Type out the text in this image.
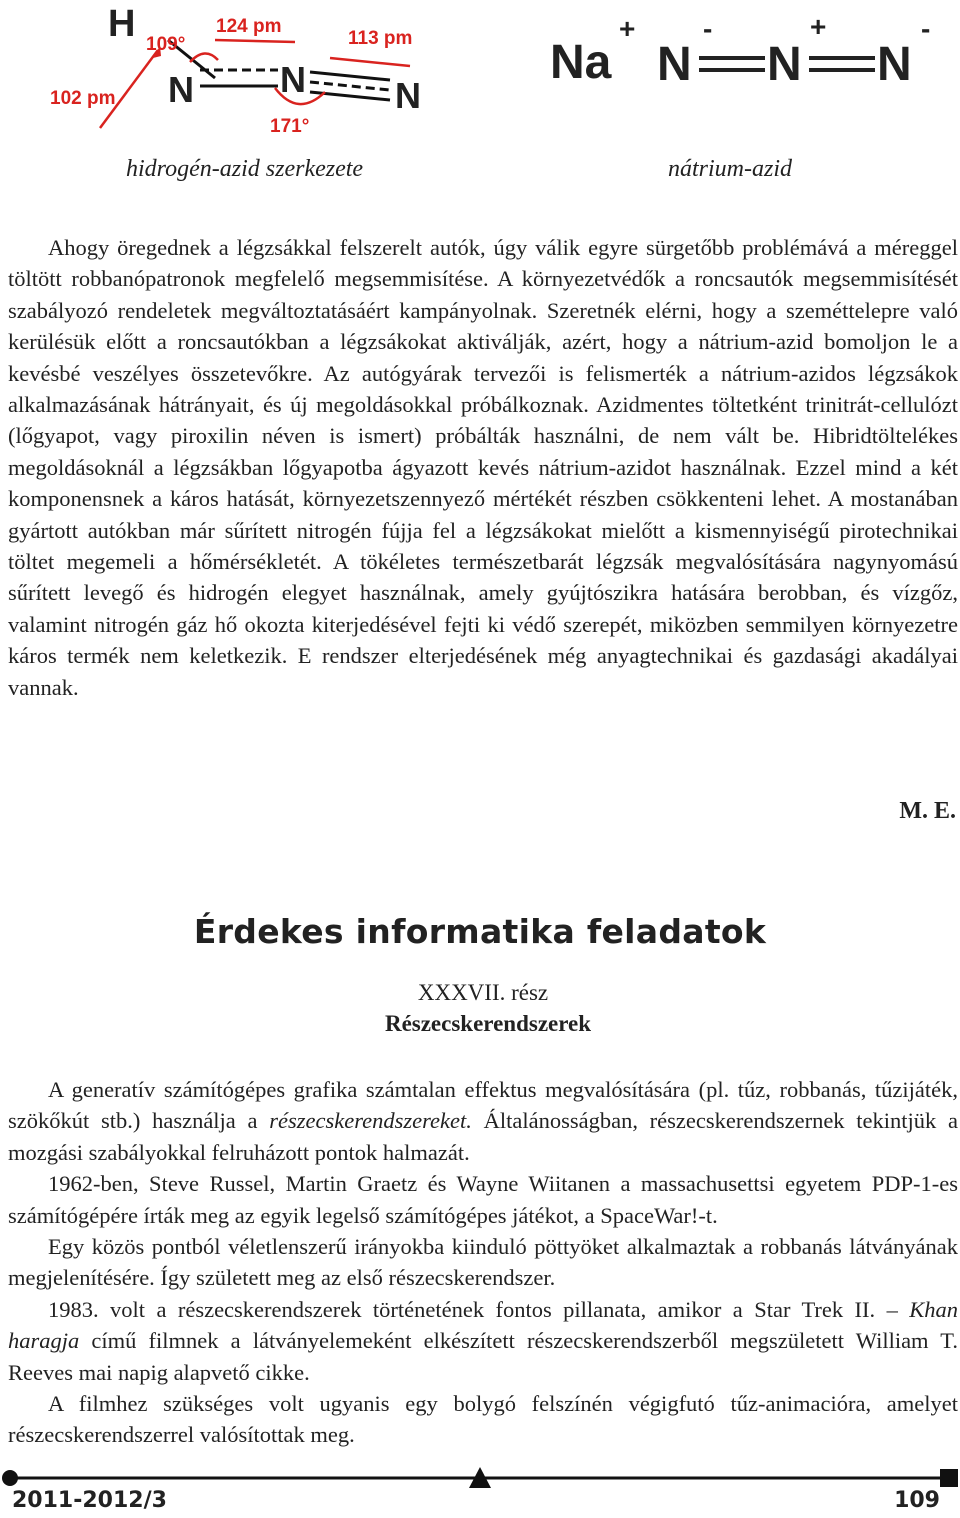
H
N N N
109°
124 pm
113 pm
102 pm
171°
Na
+
N
-
N
+
N
-
hidrogén-azid szerkezete	nátrium-azid

Ahogy öregednek a légzsákkal felszerelt autók, úgy válik egyre sürgetőbb problémává a méreggel töltött robbanópatronok megfelelő megsemmisítése. A környezetvédők a roncsautók megsemmisítését szabályozó rendeletek megváltoztatásáért kampányolnak. Szeretnék elérni, hogy a szeméttelepre való kerülésük előtt a roncsautókban a légzsákokat aktiválják, azért, hogy a nátrium-azid bomoljon le a kevésbé veszélyes összetevőkre. Az autógyárak tervezői is felismerték a nátrium-azidos légzsákok alkalmazásának hátrányait, és új megoldásokkal próbálkoznak. Azidmentes töltetként trinitrát-cellulózt (lőgyapot, vagy piroxilin néven is ismert) próbálták használni, de nem vált be. Hibridtöltelékes megoldásoknál a légzsákban lőgyapotba ágyazott kevés nátrium-azidot használnak. Ezzel mind a két komponensnek a káros hatását, környezetszennyező mértékét részben csökkenteni lehet. A mostanában gyártott autókban már sűrített nitrogén fújja fel a légzsákokat mielőtt a kismennyiségű pirotechnikai töltet megemeli a hőmérsékletét. A tökéletes természetbarát légzsák megvalósítására nagynyomású sűrített levegő és hidrogén elegyet használnak, amely gyújtószikra hatására berobban, és vízgőz, valamint nitrogén gáz hő okozta kiterjedésével fejti ki védő szerepét, miközben semmilyen környezetre káros termék nem keletkezik. E rendszer elterjedésének még anyagtechnikai és gazdasági akadályai vannak.

M. E.
Érdekes informatika feladatok
XXXVII. rész
Részecskerendszerek

A generatív számítógépes grafika számtalan effektus megvalósítására (pl. tűz, robbanás, tűzijáték, szökőkút stb.) használja a részecskerendszereket. Általánosságban, részecskerendszernek tekintjük a mozgási szabályokkal felruházott pontok halmazát.

1962-ben, Steve Russel, Martin Graetz és Wayne Wiitanen a massachusettsi egyetem PDP-1-es számítógépére írták meg az egyik legelső számítógépes játékot, a SpaceWar!-t.

Egy közös pontból véletlenszerű irányokba kiinduló pöttyöket alkalmaztak a robbanás látványának megjelenítésére. Így született meg az első részecskerendszer.

1983. volt a részecskerendszerek történetének fontos pillanata, amikor a Star Trek II. – Khan haragja című filmnek a látványelemeként elkészített részecskerendszerből megszületett William T. Reeves mai napig alapvető cikke.

A filmhez szükséges volt ugyanis egy bolygó felszínén végigfutó tűz-animacióra, amelyet részecskerendszerrel valósítottak meg.

2011-2012/3	109
